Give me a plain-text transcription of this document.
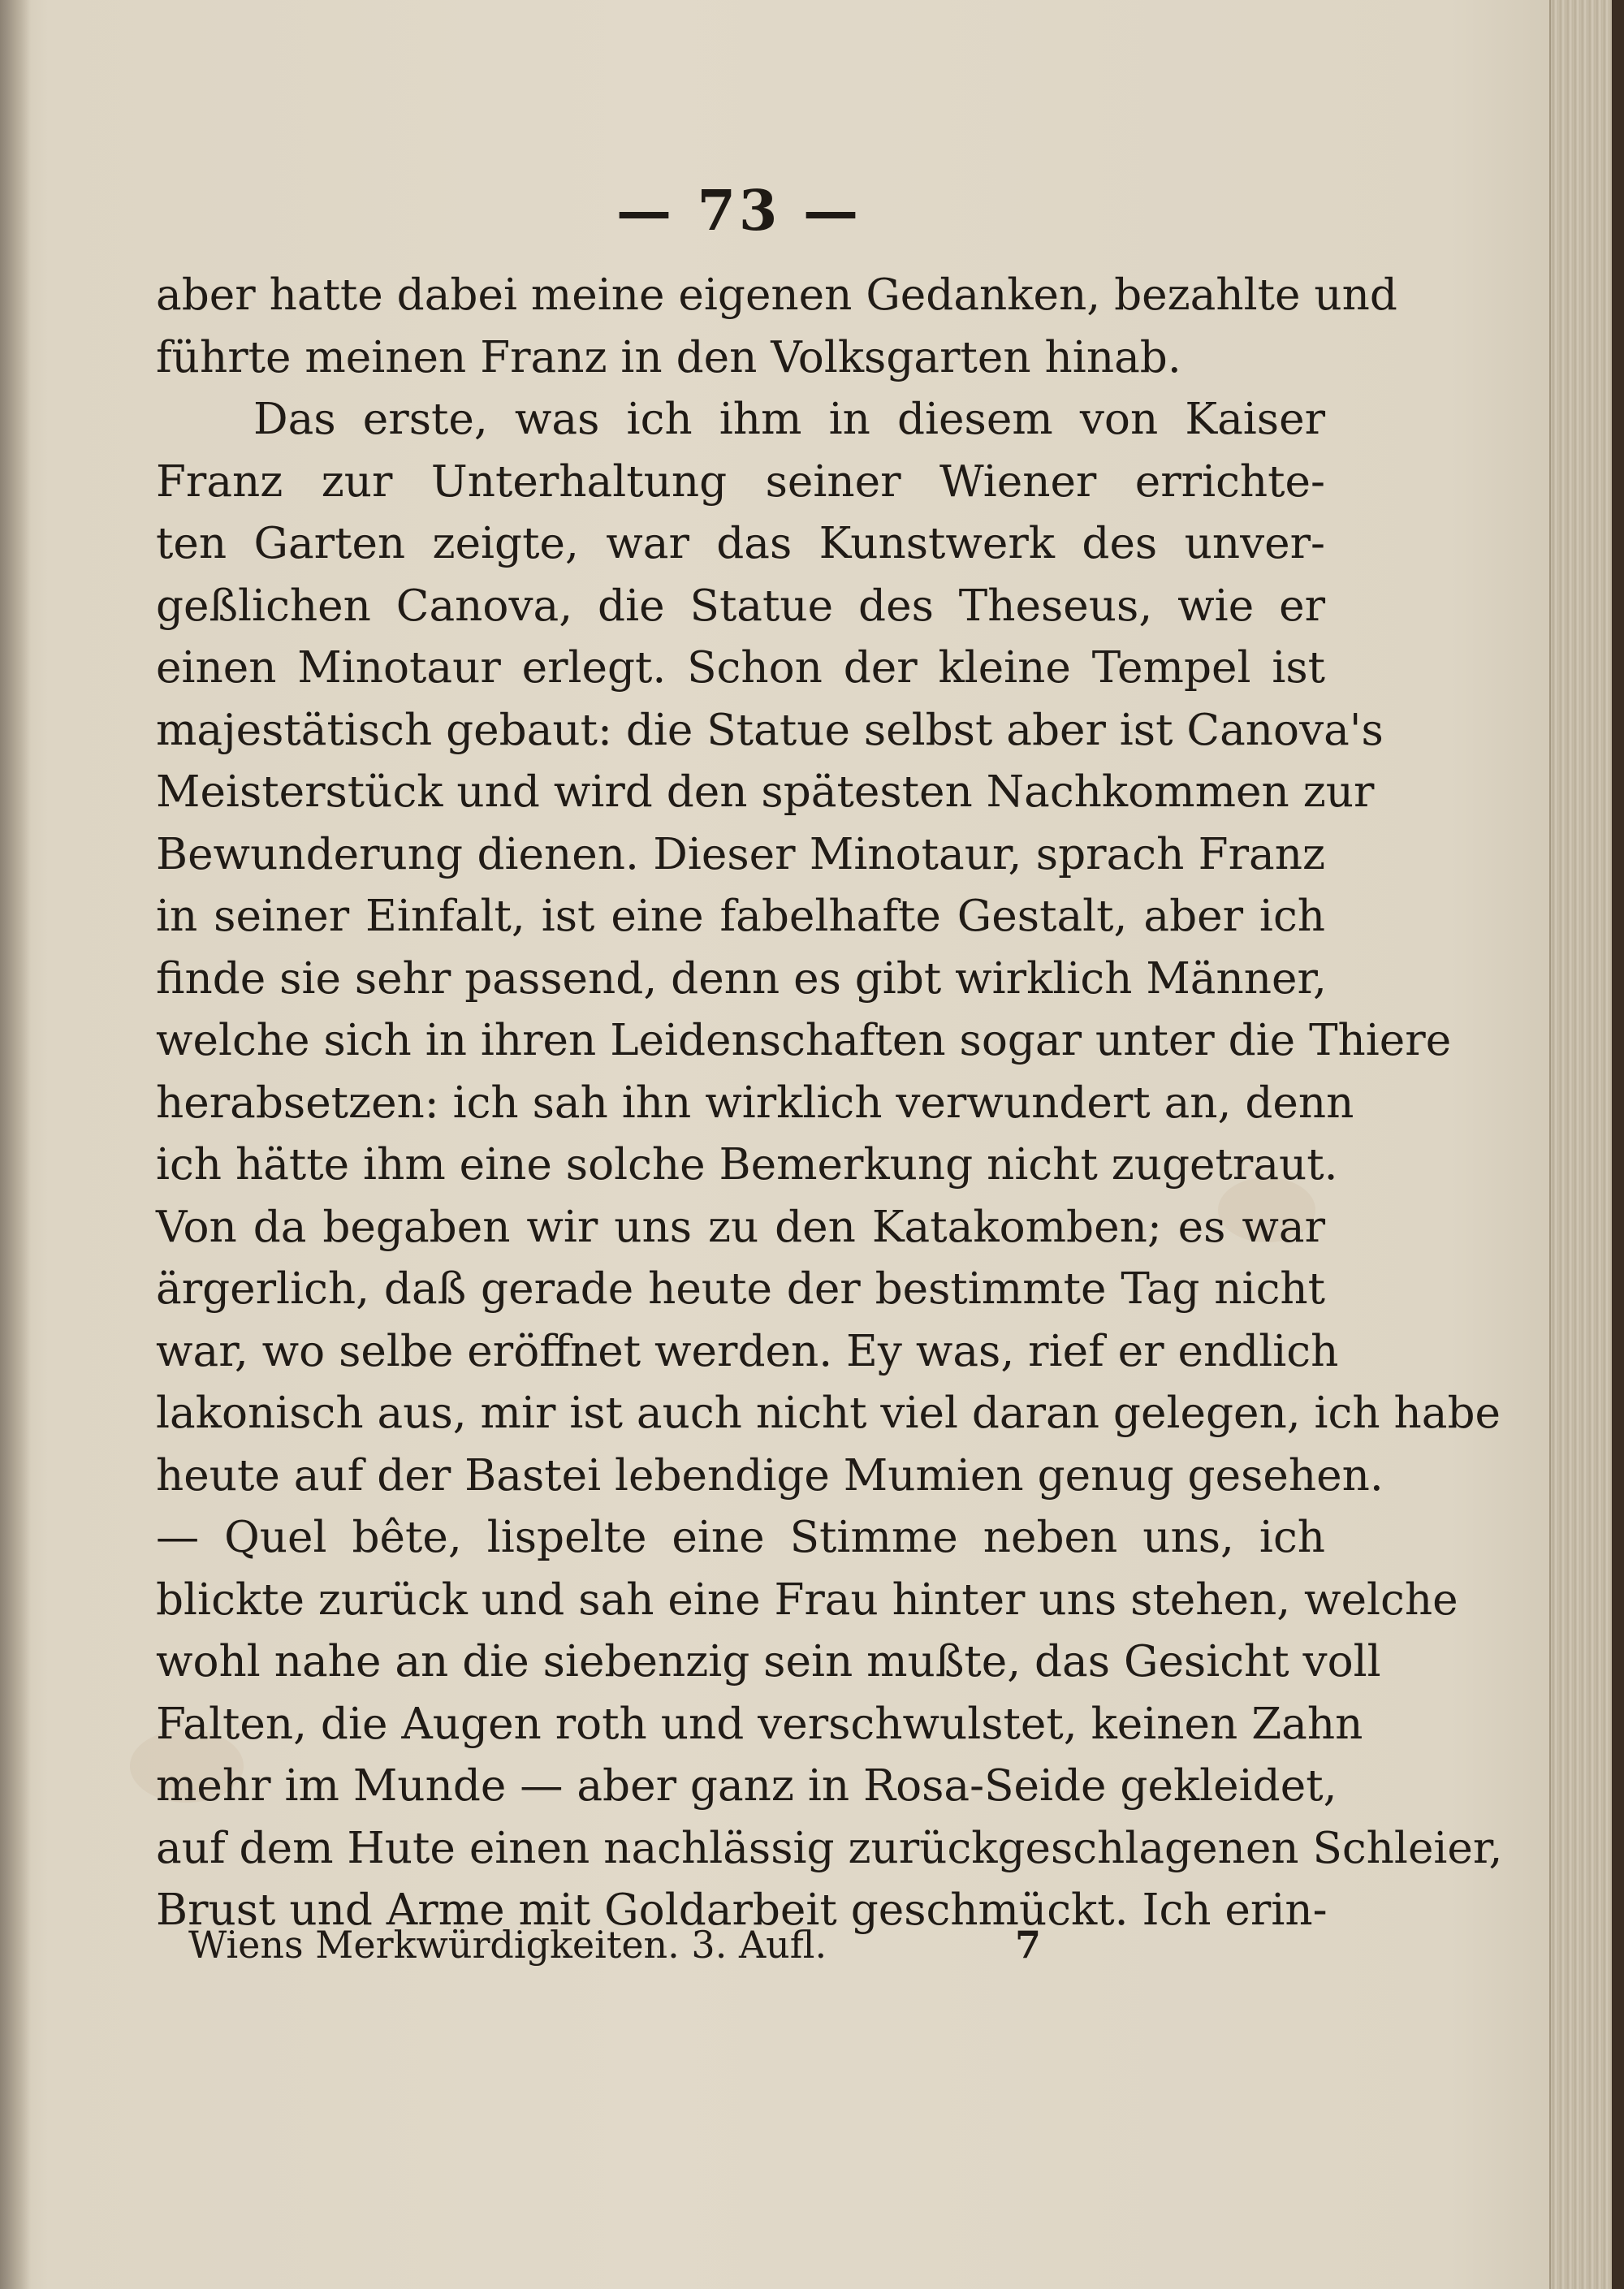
— 73 —
aber hatte dabei meine eigenen Gedanken, bezahlte und
führte meinen Franz in den Volksgarten hinab.
Das erste, was ich ihm in diesem von Kaiser
Franz zur Unterhaltung seiner Wiener errichte-
ten Garten zeigte, war das Kunstwerk des unver-
geßlichen Canova, die Statue des Theseus, wie er
einen Minotaur erlegt. Schon der kleine Tempel ist
majestätisch gebaut: die Statue selbst aber ist Canova's
Meisterstück und wird den spätesten Nachkommen zur
Bewunderung dienen. Dieser Minotaur, sprach Franz
in seiner Einfalt, ist eine fabelhafte Gestalt, aber ich
finde sie sehr passend, denn es gibt wirklich Männer,
welche sich in ihren Leidenschaften sogar unter die Thiere
herabsetzen: ich sah ihn wirklich verwundert an, denn
ich hätte ihm eine solche Bemerkung nicht zugetraut.
Von da begaben wir uns zu den Katakomben; es war
ärgerlich, daß gerade heute der bestimmte Tag nicht
war, wo selbe eröffnet werden. Ey was, rief er endlich
lakonisch aus, mir ist auch nicht viel daran gelegen, ich habe
heute auf der Bastei lebendige Mumien genug gesehen.
— Quel bête, lispelte eine Stimme neben uns, ich
blickte zurück und sah eine Frau hinter uns stehen, welche
wohl nahe an die siebenzig sein mußte, das Gesicht voll
Falten, die Augen roth und verschwulstet, keinen Zahn
mehr im Munde — aber ganz in Rosa-Seide gekleidet,
auf dem Hute einen nachlässig zurückgeschlagenen Schleier,
Brust und Arme mit Goldarbeit geschmückt. Ich erin-
Wiens Merkwürdigkeiten. 3. Aufl.	7
